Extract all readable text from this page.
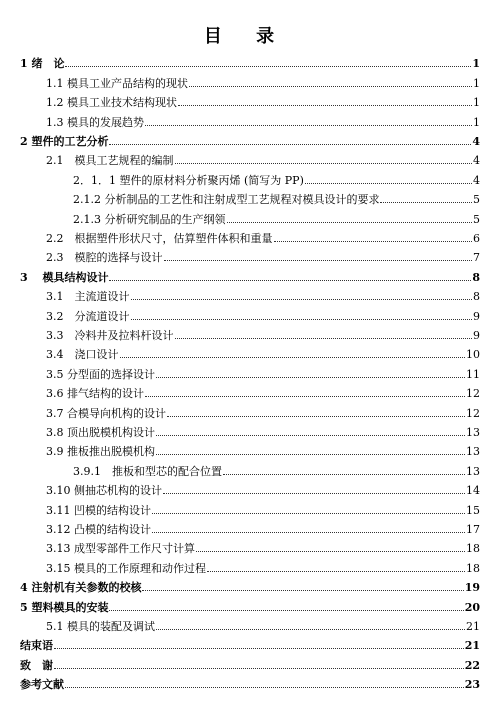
目 录
1 绪　论	1
1.1 模具工业产品结构的现状	1
1.2 模具工业技术结构现状	1
1.3 模具的发展趋势	1
2 塑件的工艺分析	4
2.1　模具工艺规程的编制	4
2．1．1 塑件的原材料分析聚丙烯 (简写为 PP)	4
2.1.2 分析制品的工艺性和注射成型工艺规程对模具设计的要求	5
2.1.3 分析研究制品的生产纲领	5
2.2　根据塑件形状尺寸，估算塑件体积和重量	6
2.3　模腔的选择与设计	7
3　 模具结构设计	8
3.1　主流道设计	8
3.2　分流道设计	9
3.3　冷料井及拉料杆设计	9
3.4　浇口设计	10
3.5 分型面的选择设计	11
3.6 排气结构的设计	12
3.7 合模导向机构的设计	12
3.8 顶出脱模机构设计	13
3.9 推板推出脱模机构	13
3.9.1　推板和型芯的配合位置	13
3.10 侧抽芯机构的设计	14
3.11 凹模的结构设计	15
3.12 凸模的结构设计	17
3.13 成型零部件工作尺寸计算	18
3.15 模具的工作原理和动作过程	18
4 注射机有关参数的校核	19
5 塑料模具的安装	20
5.1 模具的装配及调试	21
结束语	21
致　谢	22
参考文献	23
